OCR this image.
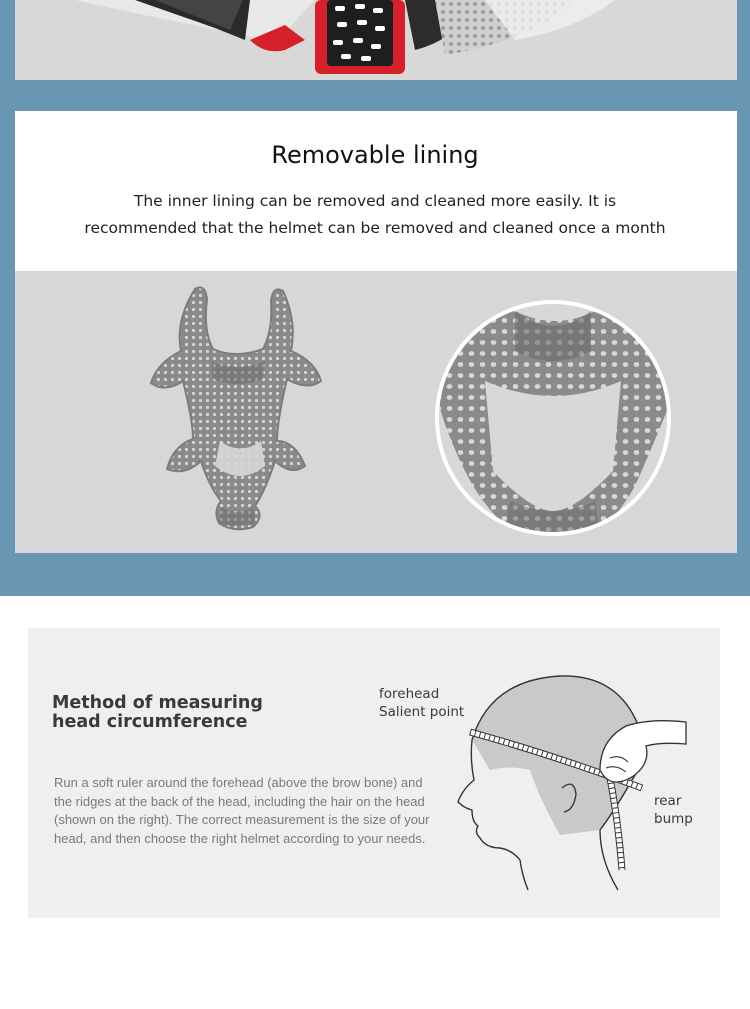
Removable lining
The inner lining can be removed and cleaned more easily. It is
recommended that the helmet can be removed and cleaned once a month
Method of measuring
head circumference
Run a soft ruler around the forehead (above the brow bone) and the ridges at the back of the head, including the hair on the head (shown on the right). The correct measurement is the size of your head, and then choose the right helmet according to your needs.
forehead
Salient point
rear
bump
